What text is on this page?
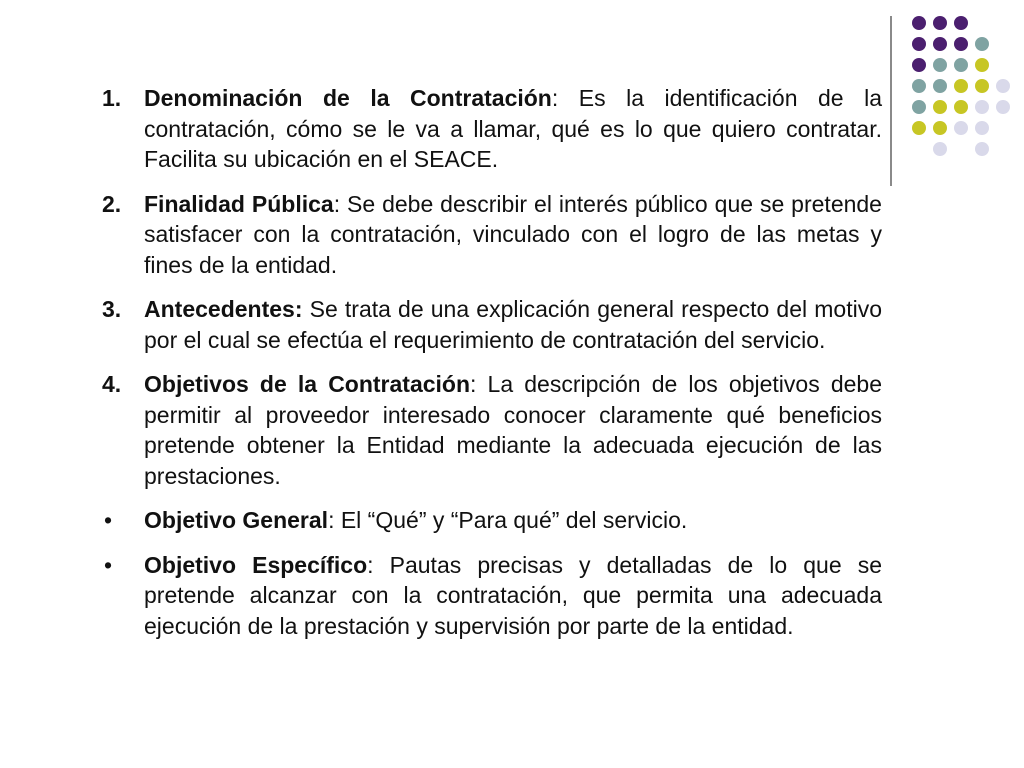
1. Denominación de la Contratación: Es la identificación de la contratación, cómo se le va a llamar, qué es lo que quiero contratar. Facilita su ubicación en el SEACE.
2. Finalidad Pública: Se debe describir el interés público que se pretende satisfacer con la contratación, vinculado con el logro de las metas y fines de la entidad.
3. Antecedentes: Se trata de una explicación general respecto del motivo por el cual se efectúa el requerimiento de contratación del servicio.
4. Objetivos de la Contratación: La descripción de los objetivos debe permitir al proveedor interesado conocer claramente qué beneficios pretende obtener la Entidad mediante la adecuada ejecución de las prestaciones.
• Objetivo General: El “Qué” y “Para qué” del servicio.
• Objetivo Específico: Pautas precisas y detalladas de lo que se pretende alcanzar con la contratación, que permita una adecuada ejecución de la prestación y supervisión por parte de la entidad.
